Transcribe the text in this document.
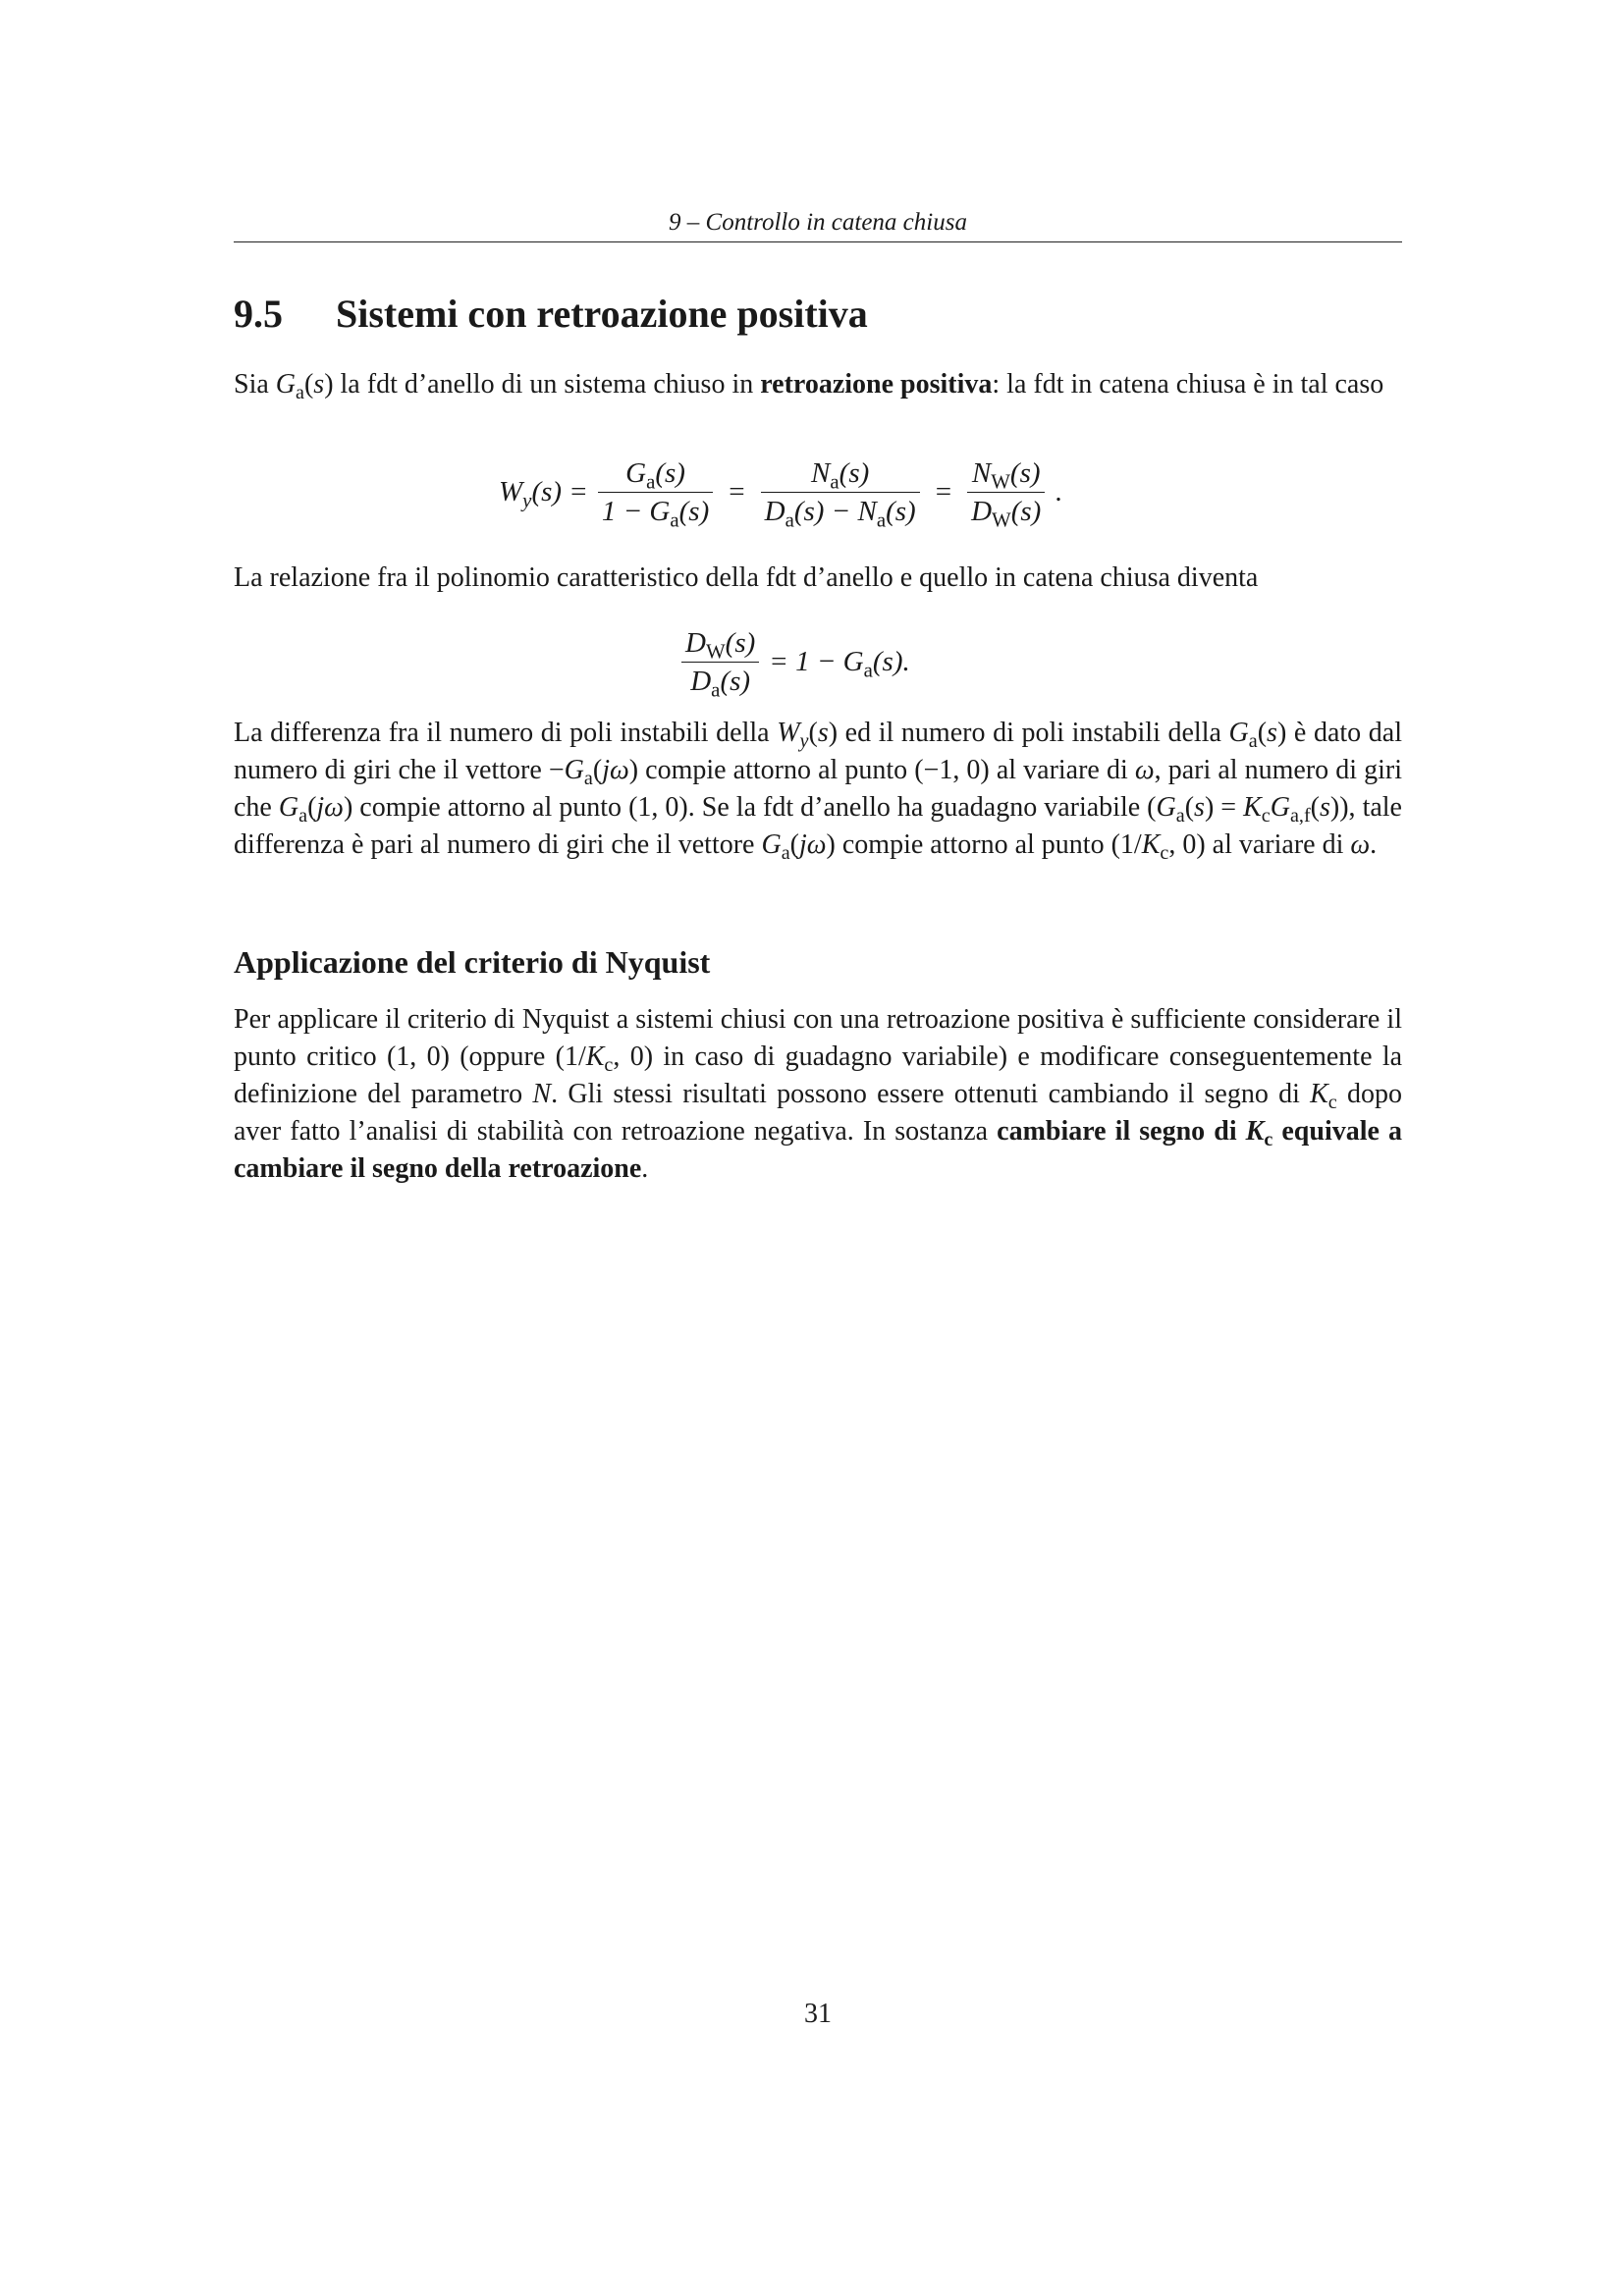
9 – Controllo in catena chiusa
9.5 Sistemi con retroazione positiva

Sia $G_a(s)$ la fdt d’anello di un sistema chiuso in retroazione positiva: la fdt in catena chiusa è in tal caso

$W_y(s) = \frac{G_a(s)}{1 - G_a(s)} = \frac{N_a(s)}{D_a(s) - N_a(s)} = \frac{N_W(s)}{D_W(s)}$ .

La relazione fra il polinomio caratteristico della fdt d’anello e quello in catena chiusa diventa

$\frac{D_W(s)}{D_a(s)} = 1 - G_a(s)$.

La differenza fra il numero di poli instabili della $W_y(s)$ ed il numero di poli instabili della $G_a(s)$ è dato dal numero di giri che il vettore $-G_a(j\omega)$ compie attorno al punto (−1, 0) al variare di ω, pari al numero di giri che $G_a(j\omega)$ compie attorno al punto (1, 0). Se la fdt d’anello ha guadagno variabile $(G_a(s) = K_cG_{a,f}(s))$, tale differenza è pari al numero di giri che il vettore $G_a(j\omega)$ compie attorno al punto ($1/K_c$, 0) al variare di ω.

Applicazione del criterio di Nyquist

Per applicare il criterio di Nyquist a sistemi chiusi con una retroazione positiva è sufficiente considerare il punto critico (1, 0) (oppure ($1/K_c$, 0) in caso di guadagno variabile) e modificare conseguentemente la definizione del parametro N. Gli stessi risultati possono essere ottenuti cambiando il segno di $K_c$ dopo aver fatto l’analisi di stabilità con retroazione negativa. In sostanza cambiare il segno di $K_c$ equivale a cambiare il segno della retroazione.

31
